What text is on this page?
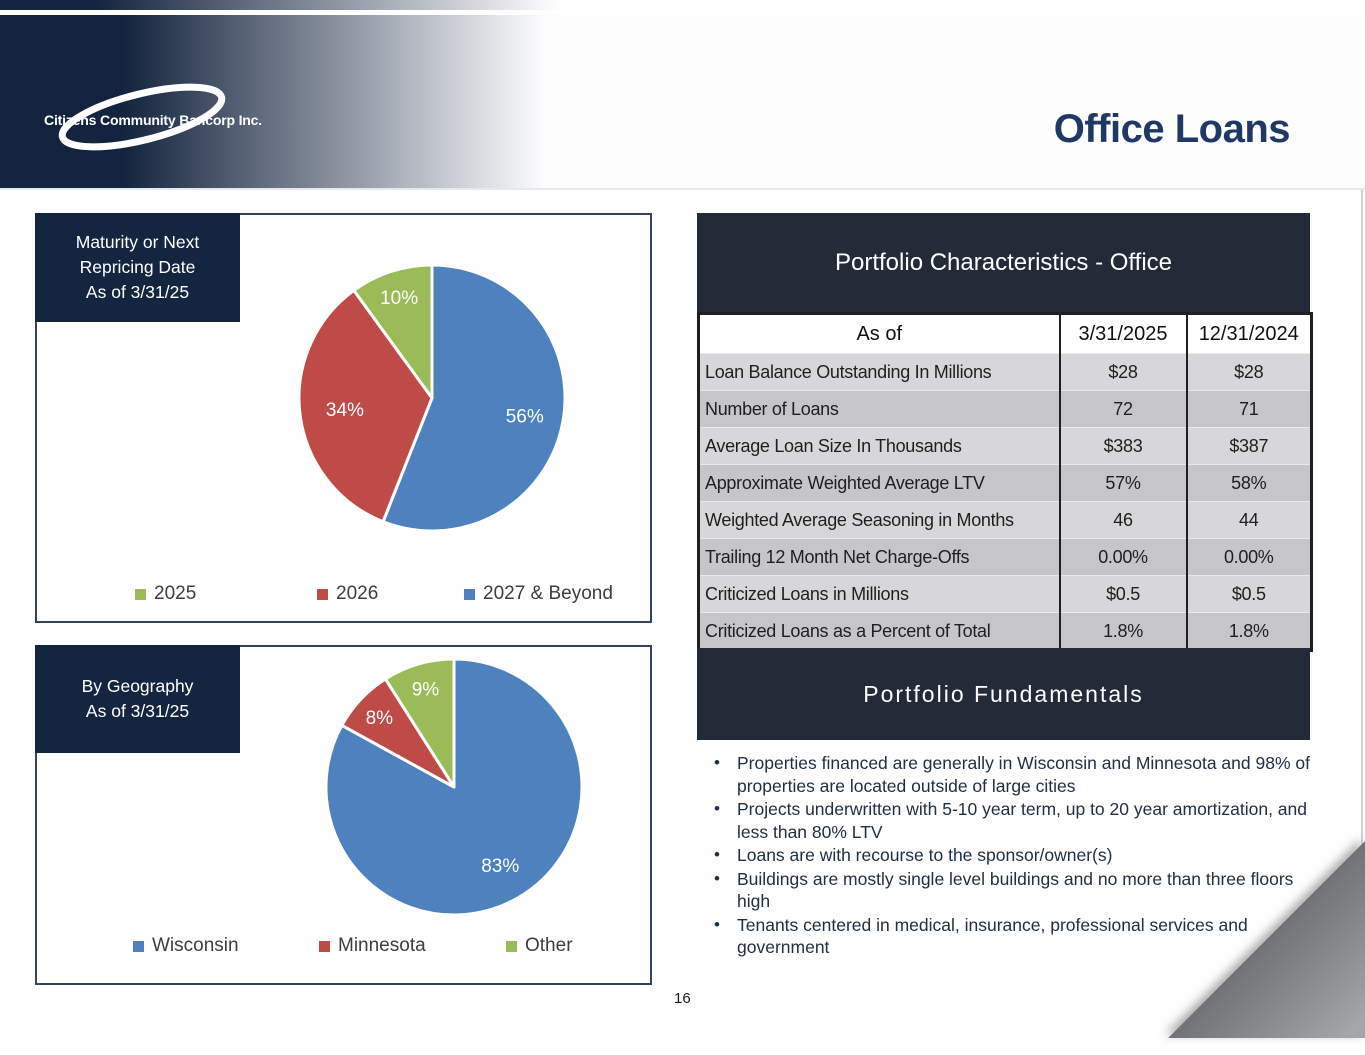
Citizens Community Bancorp Inc.	Office Loans
56%
34%
10%
Maturity or Next
Repricing Date
As of 3/31/25
2025	2026	2027 & Beyond
83%
8%
9%
By Geography
As of 3/31/25
Wisconsin	Minnesota	Other
Portfolio Characteristics - Office
As of	3/31/2025	12/31/2024
Loan Balance Outstanding In Millions	$28	$28
Number of Loans	72	71
Average Loan Size In Thousands	$383	$387
Approximate Weighted Average LTV	57%	58%
Weighted Average Seasoning in Months	46	44
Trailing 12 Month Net Charge-Offs	0.00%	0.00%
Criticized Loans in Millions	$0.5	$0.5
Criticized Loans as a Percent of Total	1.8%	1.8%
Portfolio Fundamentals
• Properties financed are generally in Wisconsin and Minnesota and 98% of properties are located outside of large cities
• Projects underwritten with 5-10 year term, up to 20 year amortization, and less than 80% LTV
• Loans are with recourse to the sponsor/owner(s)
• Buildings are mostly single level buildings and no more than three floors high
• Tenants centered in medical, insurance, professional services and government
16
